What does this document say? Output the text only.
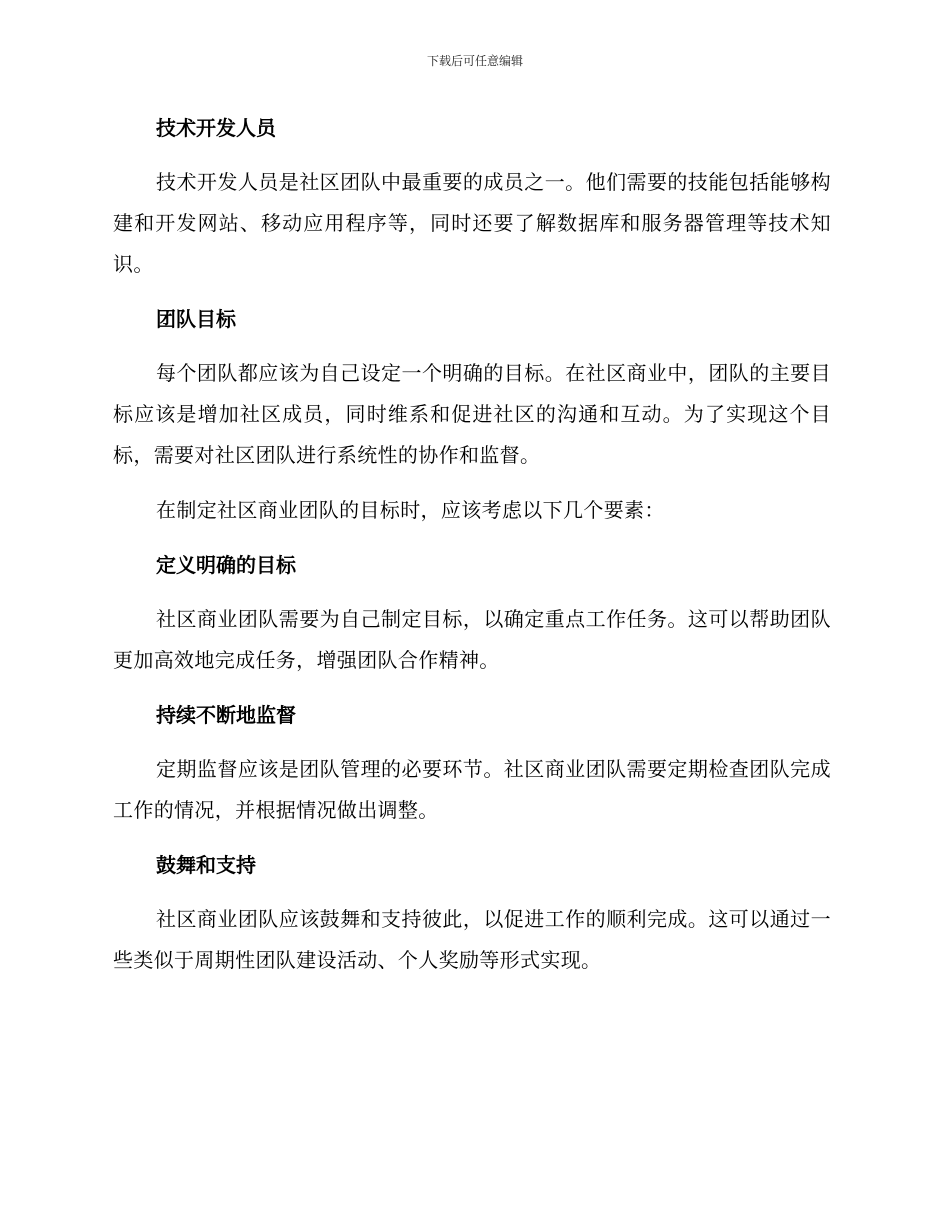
下载后可任意编辑
技术开发人员

技术开发人员是社区团队中最重要的成员之一。他们需要的技能包括能够构建和开发网站、移动应用程序等，同时还要了解数据库和服务器管理等技术知识。

团队目标

每个团队都应该为自己设定一个明确的目标。在社区商业中，团队的主要目标应该是增加社区成员，同时维系和促进社区的沟通和互动。为了实现这个目标，需要对社区团队进行系统性的协作和监督。

在制定社区商业团队的目标时，应该考虑以下几个要素：

定义明确的目标

社区商业团队需要为自己制定目标，以确定重点工作任务。这可以帮助团队更加高效地完成任务，增强团队合作精神。

持续不断地监督

定期监督应该是团队管理的必要环节。社区商业团队需要定期检查团队完成工作的情况，并根据情况做出调整。

鼓舞和支持

社区商业团队应该鼓舞和支持彼此，以促进工作的顺利完成。这可以通过一些类似于周期性团队建设活动、个人奖励等形式实现。
